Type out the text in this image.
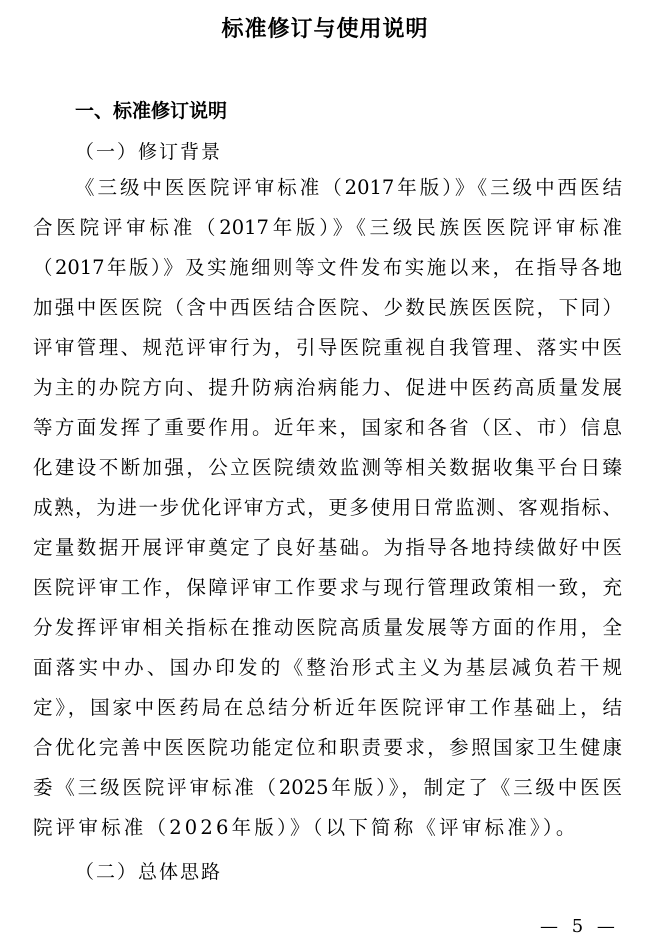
标准修订与使用说明
一、标准修订说明
（一）修订背景
《三级中医医院评审标准（2017年版）》《三级中西医结
合医院评审标准（2017年版）》《三级民族医医院评审标准
（2017年版）》及实施细则等文件发布实施以来，在指导各地
加强中医医院（含中西医结合医院、少数民族医医院，下同）
评审管理、规范评审行为，引导医院重视自我管理、落实中医
为主的办院方向、提升防病治病能力、促进中医药高质量发展
等方面发挥了重要作用。近年来，国家和各省（区、市）信息
化建设不断加强，公立医院绩效监测等相关数据收集平台日臻
成熟，为进一步优化评审方式，更多使用日常监测、客观指标、
定量数据开展评审奠定了良好基础。为指导各地持续做好中医
医院评审工作，保障评审工作要求与现行管理政策相一致，充
分发挥评审相关指标在推动医院高质量发展等方面的作用，全
面落实中办、国办印发的《整治形式主义为基层减负若干规
定》，国家中医药局在总结分析近年医院评审工作基础上，结
合优化完善中医医院功能定位和职责要求，参照国家卫生健康
委《三级医院评审标准（2025年版）》，制定了《三级中医医
院评审标准（2026年版）》（以下简称《评审标准》）。
（二）总体思路
— 5 —
